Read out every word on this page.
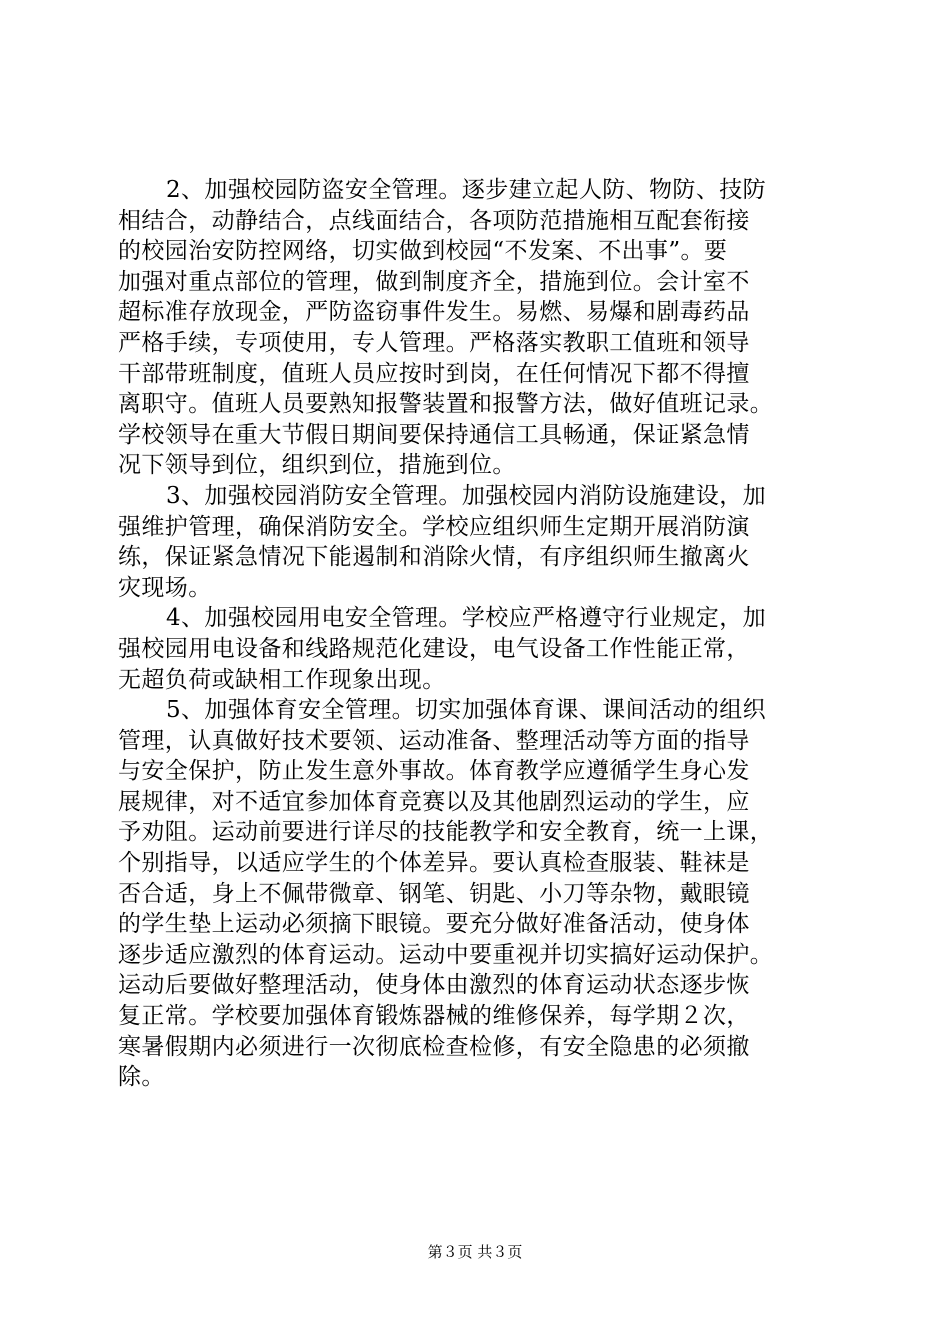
2、加强校园防盗安全管理。逐步建立起人防、物防、技防
相结合，动静结合，点线面结合，各项防范措施相互配套衔接
的校园治安防控网络，切实做到校园“不发案、不出事”。要
加强对重点部位的管理，做到制度齐全，措施到位。会计室不
超标准存放现金，严防盗窃事件发生。易燃、易爆和剧毒药品
严格手续，专项使用，专人管理。严格落实教职工值班和领导
干部带班制度，值班人员应按时到岗，在任何情况下都不得擅
离职守。值班人员要熟知报警装置和报警方法，做好值班记录。
学校领导在重大节假日期间要保持通信工具畅通，保证紧急情
况下领导到位，组织到位，措施到位。
3、加强校园消防安全管理。加强校园内消防设施建设，加
强维护管理，确保消防安全。学校应组织师生定期开展消防演
练，保证紧急情况下能遏制和消除火情，有序组织师生撤离火
灾现场。
4、加强校园用电安全管理。学校应严格遵守行业规定，加
强校园用电设备和线路规范化建设，电气设备工作性能正常，
无超负荷或缺相工作现象出现。
5、加强体育安全管理。切实加强体育课、课间活动的组织
管理，认真做好技术要领、运动准备、整理活动等方面的指导
与安全保护，防止发生意外事故。体育教学应遵循学生身心发
展规律，对不适宜参加体育竞赛以及其他剧烈运动的学生，应
予劝阻。运动前要进行详尽的技能教学和安全教育，统一上课，
个别指导，以适应学生的个体差异。要认真检查服装、鞋袜是
否合适，身上不佩带微章、钢笔、钥匙、小刀等杂物，戴眼镜
的学生垫上运动必须摘下眼镜。要充分做好准备活动，使身体
逐步适应激烈的体育运动。运动中要重视并切实搞好运动保护。
运动后要做好整理活动，使身体由激烈的体育运动状态逐步恢
复正常。学校要加强体育锻炼器械的维修保养，每学期２次，
寒暑假期内必须进行一次彻底检查检修，有安全隐患的必须撤
除。
第３页 共３页
